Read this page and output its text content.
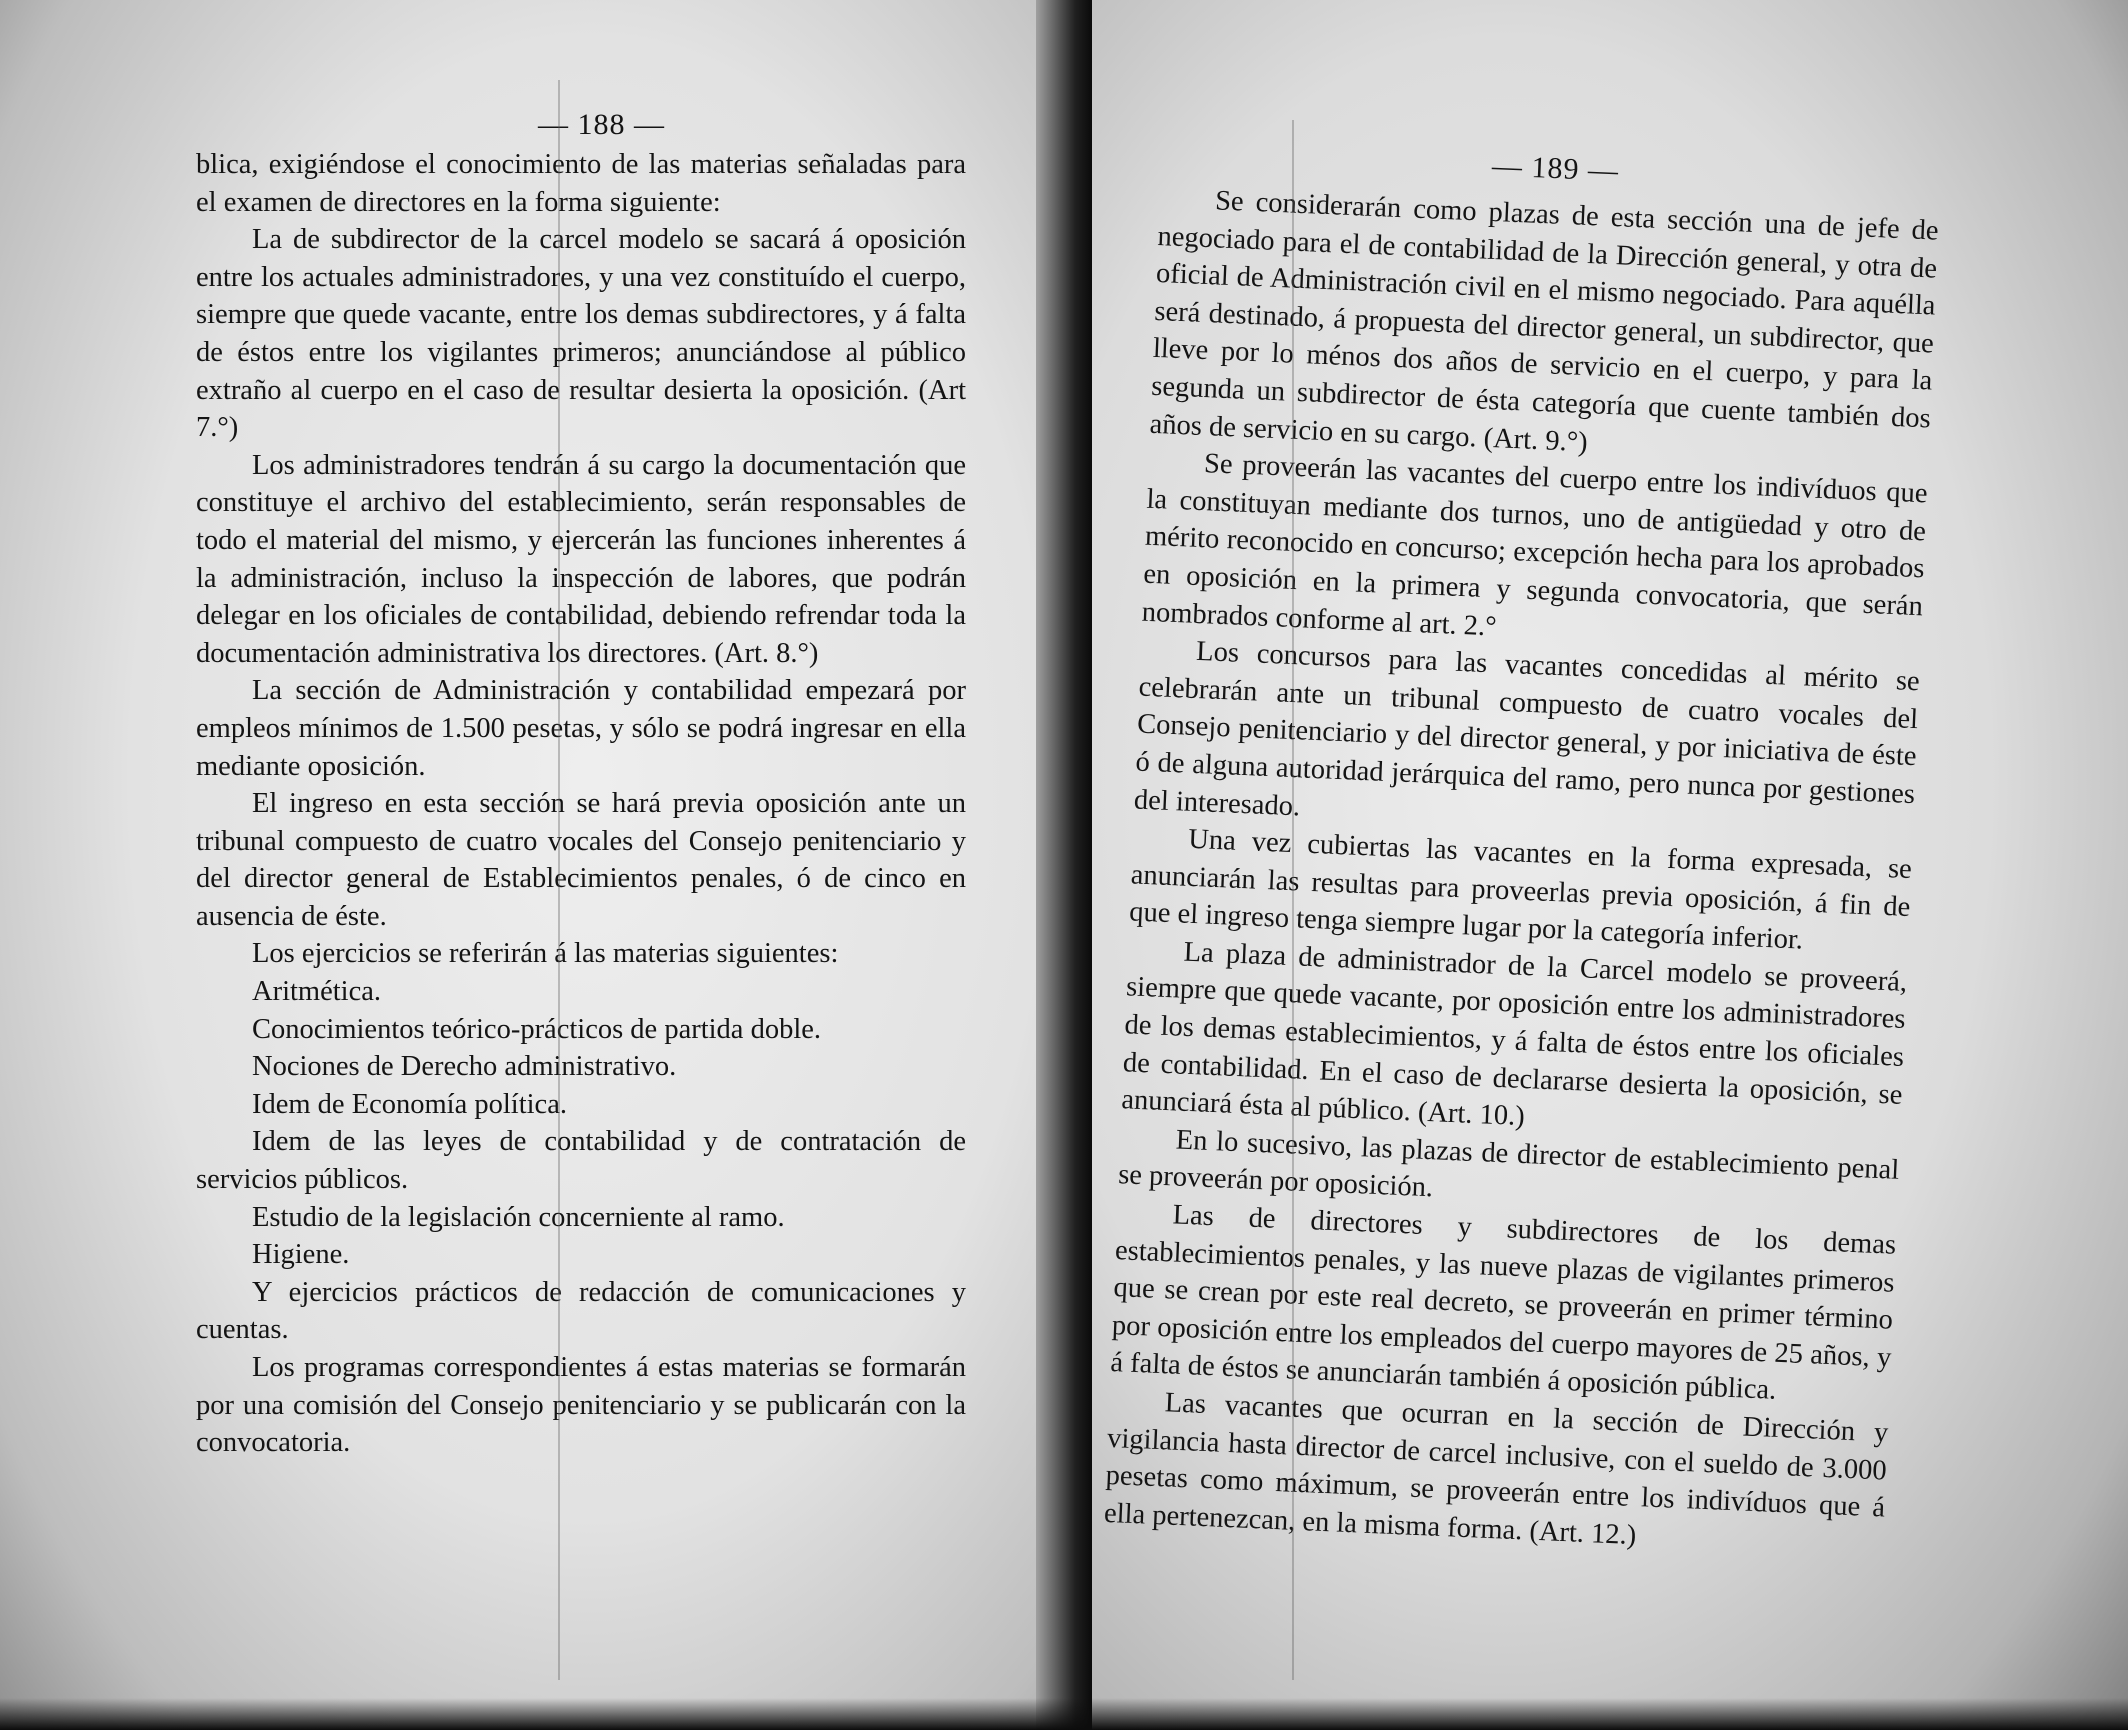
— 188 —

blica, exigiéndose el conocimiento de las materias señaladas para el examen de directores en la forma siguiente:

La de subdirector de la carcel modelo se sacará á oposición entre los actuales administradores, y una vez constituído el cuerpo, siempre que quede vacante, entre los demas subdirectores, y á falta de éstos entre los vigilantes primeros; anunciándose al público extraño al cuerpo en el caso de resultar desierta la oposición. (Art 7.°)

Los administradores tendrán á su cargo la documentación que constituye el archivo del establecimiento, serán responsables de todo el material del mismo, y ejercerán las funciones inherentes á la administración, incluso la inspección de labores, que podrán delegar en los oficiales de contabilidad, debiendo refrendar toda la documentación administrativa los directores. (Art. 8.°)

La sección de Administración y contabilidad empezará por empleos mínimos de 1.500 pesetas, y sólo se podrá ingresar en ella mediante oposición.

El ingreso en esta sección se hará previa oposición ante un tribunal compuesto de cuatro vocales del Consejo penitenciario y del director general de Establecimientos penales, ó de cinco en ausencia de éste.

Los ejercicios se referirán á las materias siguientes:

Aritmética.

Conocimientos teórico-prácticos de partida doble.

Nociones de Derecho administrativo.

Idem de Economía política.

Idem de las leyes de contabilidad y de contratación de servicios públicos.

Estudio de la legislación concerniente al ramo.

Higiene.

Y ejercicios prácticos de redacción de comunicaciones y cuentas.

Los programas correspondientes á estas materias se formarán por una comisión del Consejo penitenciario y se publicarán con la convocatoria.

— 189 —

Se considerarán como plazas de esta sección una de jefe de negociado para el de contabilidad de la Dirección general, y otra de oficial de Administración civil en el mismo negociado. Para aquélla será destinado, á propuesta del director general, un subdirector, que lleve por lo ménos dos años de servicio en el cuerpo, y para la segunda un subdirector de ésta categoría que cuente también dos años de servicio en su cargo. (Art. 9.°)

Se proveerán las vacantes del cuerpo entre los indivíduos que la constituyan mediante dos turnos, uno de antigüedad y otro de mérito reconocido en concurso; excepción hecha para los aprobados en oposición en la primera y segunda convocatoria, que serán nombrados conforme al art. 2.°

Los concursos para las vacantes concedidas al mérito se celebrarán ante un tribunal compuesto de cuatro vocales del Consejo penitenciario y del director general, y por iniciativa de éste ó de alguna autoridad jerárquica del ramo, pero nunca por gestiones del interesado.

Una vez cubiertas las vacantes en la forma expresada, se anunciarán las resultas para proveerlas previa oposición, á fin de que el ingreso tenga siempre lugar por la categoría inferior.

La plaza de administrador de la Carcel modelo se proveerá, siempre que quede vacante, por oposición entre los administradores de los demas establecimientos, y á falta de éstos entre los oficiales de contabilidad. En el caso de declararse desierta la oposición, se anunciará ésta al público. (Art. 10.)

En lo sucesivo, las plazas de director de establecimiento penal se proveerán por oposición.

Las de directores y subdirectores de los demas establecimientos penales, y las nueve plazas de vigilantes primeros que se crean por este real decreto, se proveerán en primer término por oposición entre los empleados del cuerpo mayores de 25 años, y á falta de éstos se anunciarán también á oposición pública.

Las vacantes que ocurran en la sección de Dirección y vigilancia hasta director de carcel inclusive, con el sueldo de 3.000 pesetas como máximum, se proveerán entre los indivíduos que á ella pertenezcan, en la misma forma. (Art. 12.)
